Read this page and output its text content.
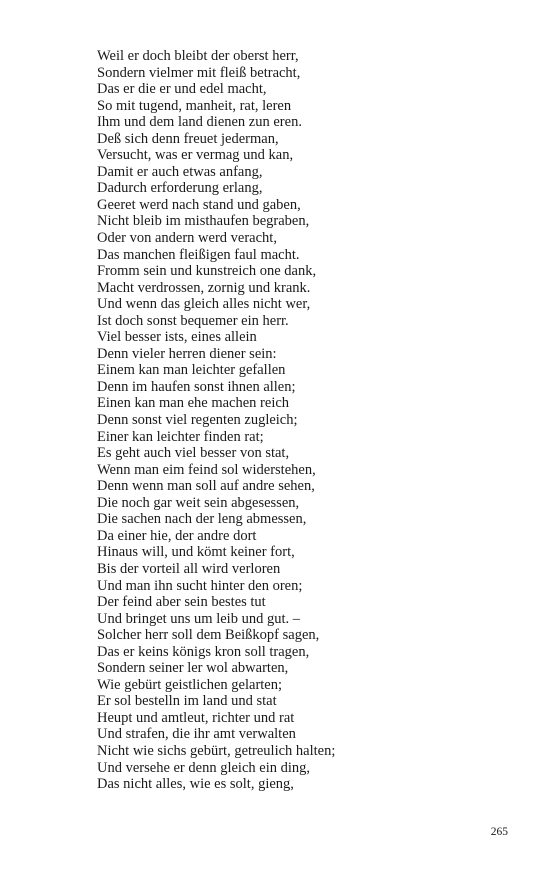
Weil er doch bleibt der oberst herr,
Sondern vielmer mit fleiß betracht,
Das er die er und edel macht,
So mit tugend, manheit, rat, leren
Ihm und dem land dienen zun eren.
Deß sich denn freuet jederman,
Versucht, was er vermag und kan,
Damit er auch etwas anfang,
Dadurch erforderung erlang,
Geeret werd nach stand und gaben,
Nicht bleib im misthaufen begraben,
Oder von andern werd veracht,
Das manchen fleißigen faul macht.
Fromm sein und kunstreich one dank,
Macht verdrossen, zornig und krank.
Und wenn das gleich alles nicht wer,
Ist doch sonst bequemer ein herr.
Viel besser ists, eines allein
Denn vieler herren diener sein:
Einem kan man leichter gefallen
Denn im haufen sonst ihnen allen;
Einen kan man ehe machen reich
Denn sonst viel regenten zugleich;
Einer kan leichter finden rat;
Es geht auch viel besser von stat,
Wenn man eim feind sol widerstehen,
Denn wenn man soll auf andre sehen,
Die noch gar weit sein abgesessen,
Die sachen nach der leng abmessen,
Da einer hie, der andre dort
Hinaus will, und kömt keiner fort,
Bis der vorteil all wird verloren
Und man ihn sucht hinter den oren;
Der feind aber sein bestes tut
Und bringet uns um leib und gut. –
Solcher herr soll dem Beißkopf sagen,
Das er keins königs kron soll tragen,
Sondern seiner ler wol abwarten,
Wie gebürt geistlichen gelarten;
Er sol bestelln im land und stat
Heupt und amtleut, richter und rat
Und strafen, die ihr amt verwalten
Nicht wie sichs gebürt, getreulich halten;
Und versehe er denn gleich ein ding,
Das nicht alles, wie es solt, gieng,
265
